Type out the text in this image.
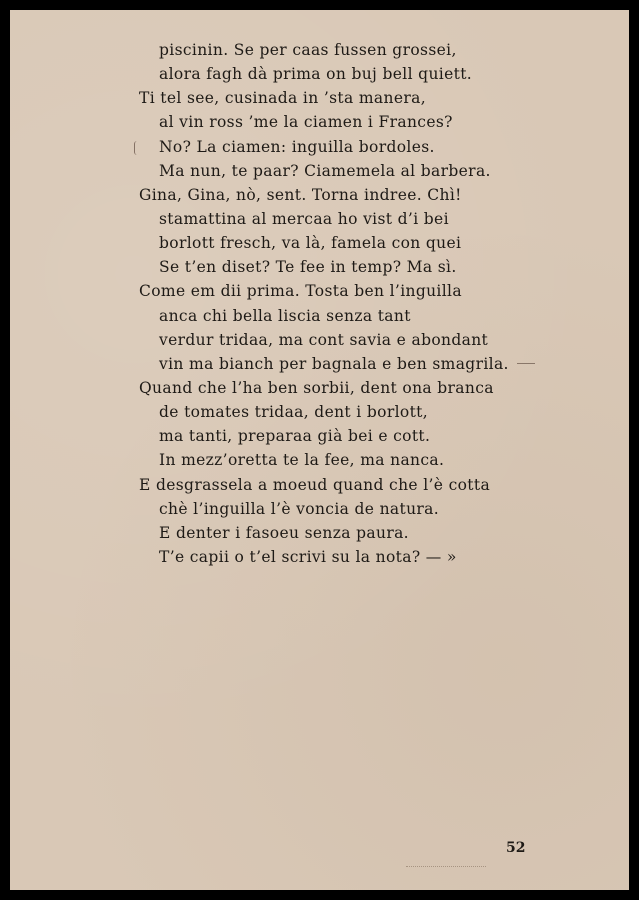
piscinin. Se per caas fussen grossei,
alora fagh dà prima on buj bell quiett.
Ti tel see, cusinada in ’sta manera,
al vin ross ’me la ciamen i Frances?
No? La ciamen: inguilla bordoles.
Ma nun, te paar? Ciamemela al barbera.
Gina, Gina, nò, sent. Torna indree. Chì!
stamattina al mercaa ho vist d’i bei
borlott fresch, va là, famela con quei
Se t’en diset? Te fee in temp? Ma sì.
Come em dii prima. Tosta ben l’inguilla
anca chi bella liscia senza tant
verdur tridaa, ma cont savia e abondant
vin ma bianch per bagnala e ben smagrila.
Quand che l’ha ben sorbii, dent ona branca
de tomates tridaa, dent i borlott,
ma tanti, preparaa già bei e cott.
In mezz’oretta te la fee, ma nanca.
E desgrassela a moeud quand che l’è cotta
chè l’inguilla l’è voncia de natura.
E denter i fasoeu senza paura.
T’e capii o t’el scrivi su la nota? — »
52
